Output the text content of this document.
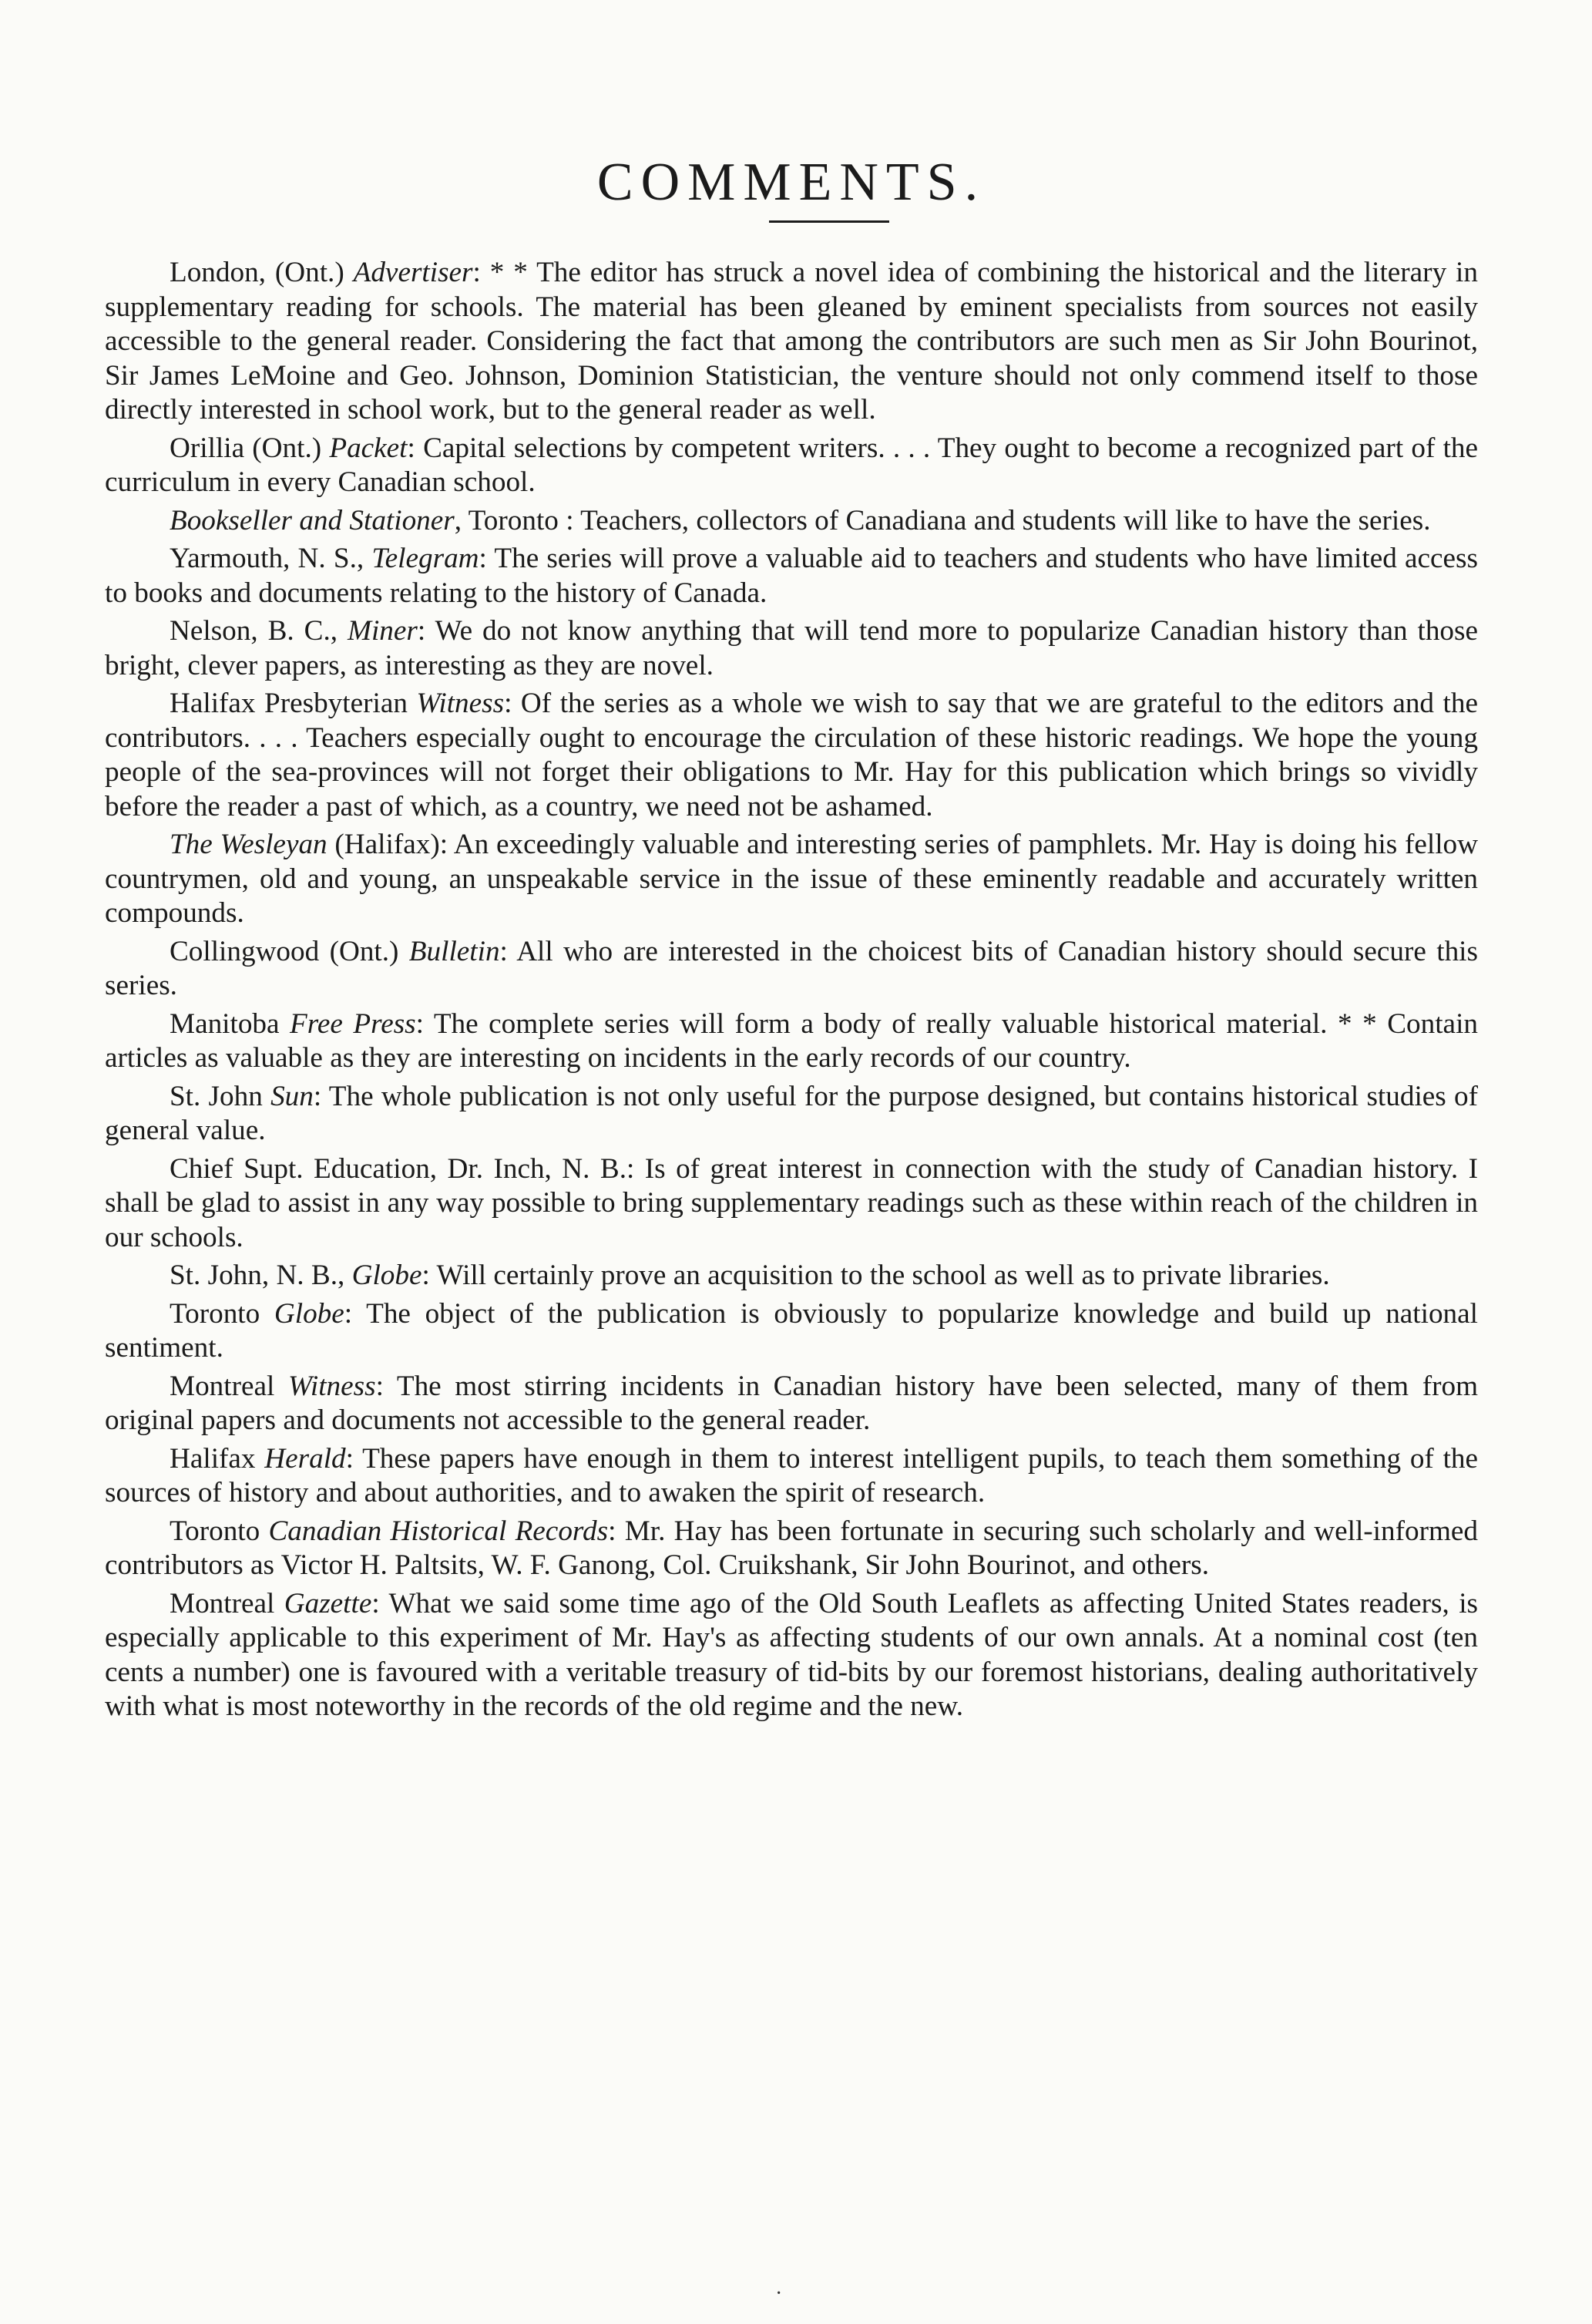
COMMENTS.

London, (Ont.) Advertiser: * * The editor has struck a novel idea of combining the historical and the literary in supplementary reading for schools. The material has been gleaned by eminent specialists from sources not easily accessible to the general reader. Considering the fact that among the contributors are such men as Sir John Bourinot, Sir James LeMoine and Geo. Johnson, Dominion Statistician, the venture should not only commend itself to those directly interested in school work, but to the general reader as well.

Orillia (Ont.) Packet: Capital selections by competent writers. . . . They ought to become a recognized part of the curriculum in every Canadian school.

Bookseller and Stationer, Toronto : Teachers, collectors of Canadiana and students will like to have the series.

Yarmouth, N. S., Telegram: The series will prove a valuable aid to teachers and students who have limited access to books and documents relating to the history of Canada.

Nelson, B. C., Miner: We do not know anything that will tend more to popularize Canadian history than those bright, clever papers, as interesting as they are novel.

Halifax Presbyterian Witness: Of the series as a whole we wish to say that we are grateful to the editors and the contributors. . . . Teachers especially ought to encourage the circulation of these historic readings. We hope the young people of the sea-provinces will not forget their obligations to Mr. Hay for this publication which brings so vividly before the reader a past of which, as a country, we need not be ashamed.

The Wesleyan (Halifax): An exceedingly valuable and interesting series of pamphlets. Mr. Hay is doing his fellow countrymen, old and young, an unspeakable service in the issue of these eminently readable and accurately written compounds.

Collingwood (Ont.) Bulletin: All who are interested in the choicest bits of Canadian history should secure this series.

Manitoba Free Press: The complete series will form a body of really valuable historical material. * * Contain articles as valuable as they are interesting on incidents in the early records of our country.

St. John Sun: The whole publication is not only useful for the purpose designed, but contains historical studies of general value.

Chief Supt. Education, Dr. Inch, N. B.: Is of great interest in connection with the study of Canadian history. I shall be glad to assist in any way possible to bring supplementary readings such as these within reach of the children in our schools.

St. John, N. B., Globe: Will certainly prove an acquisition to the school as well as to private libraries.

Toronto Globe: The object of the publication is obviously to popularize knowledge and build up national sentiment.

Montreal Witness: The most stirring incidents in Canadian history have been selected, many of them from original papers and documents not accessible to the general reader.

Halifax Herald: These papers have enough in them to interest intelligent pupils, to teach them something of the sources of history and about authorities, and to awaken the spirit of research.

Toronto Canadian Historical Records: Mr. Hay has been fortunate in securing such scholarly and well-informed contributors as Victor H. Paltsits, W. F. Ganong, Col. Cruikshank, Sir John Bourinot, and others.

Montreal Gazette: What we said some time ago of the Old South Leaflets as affecting United States readers, is especially applicable to this experiment of Mr. Hay's as affecting students of our own annals. At a nominal cost (ten cents a number) one is favoured with a veritable treasury of tid-bits by our foremost historians, dealing authoritatively with what is most noteworthy in the records of the old regime and the new.

·
